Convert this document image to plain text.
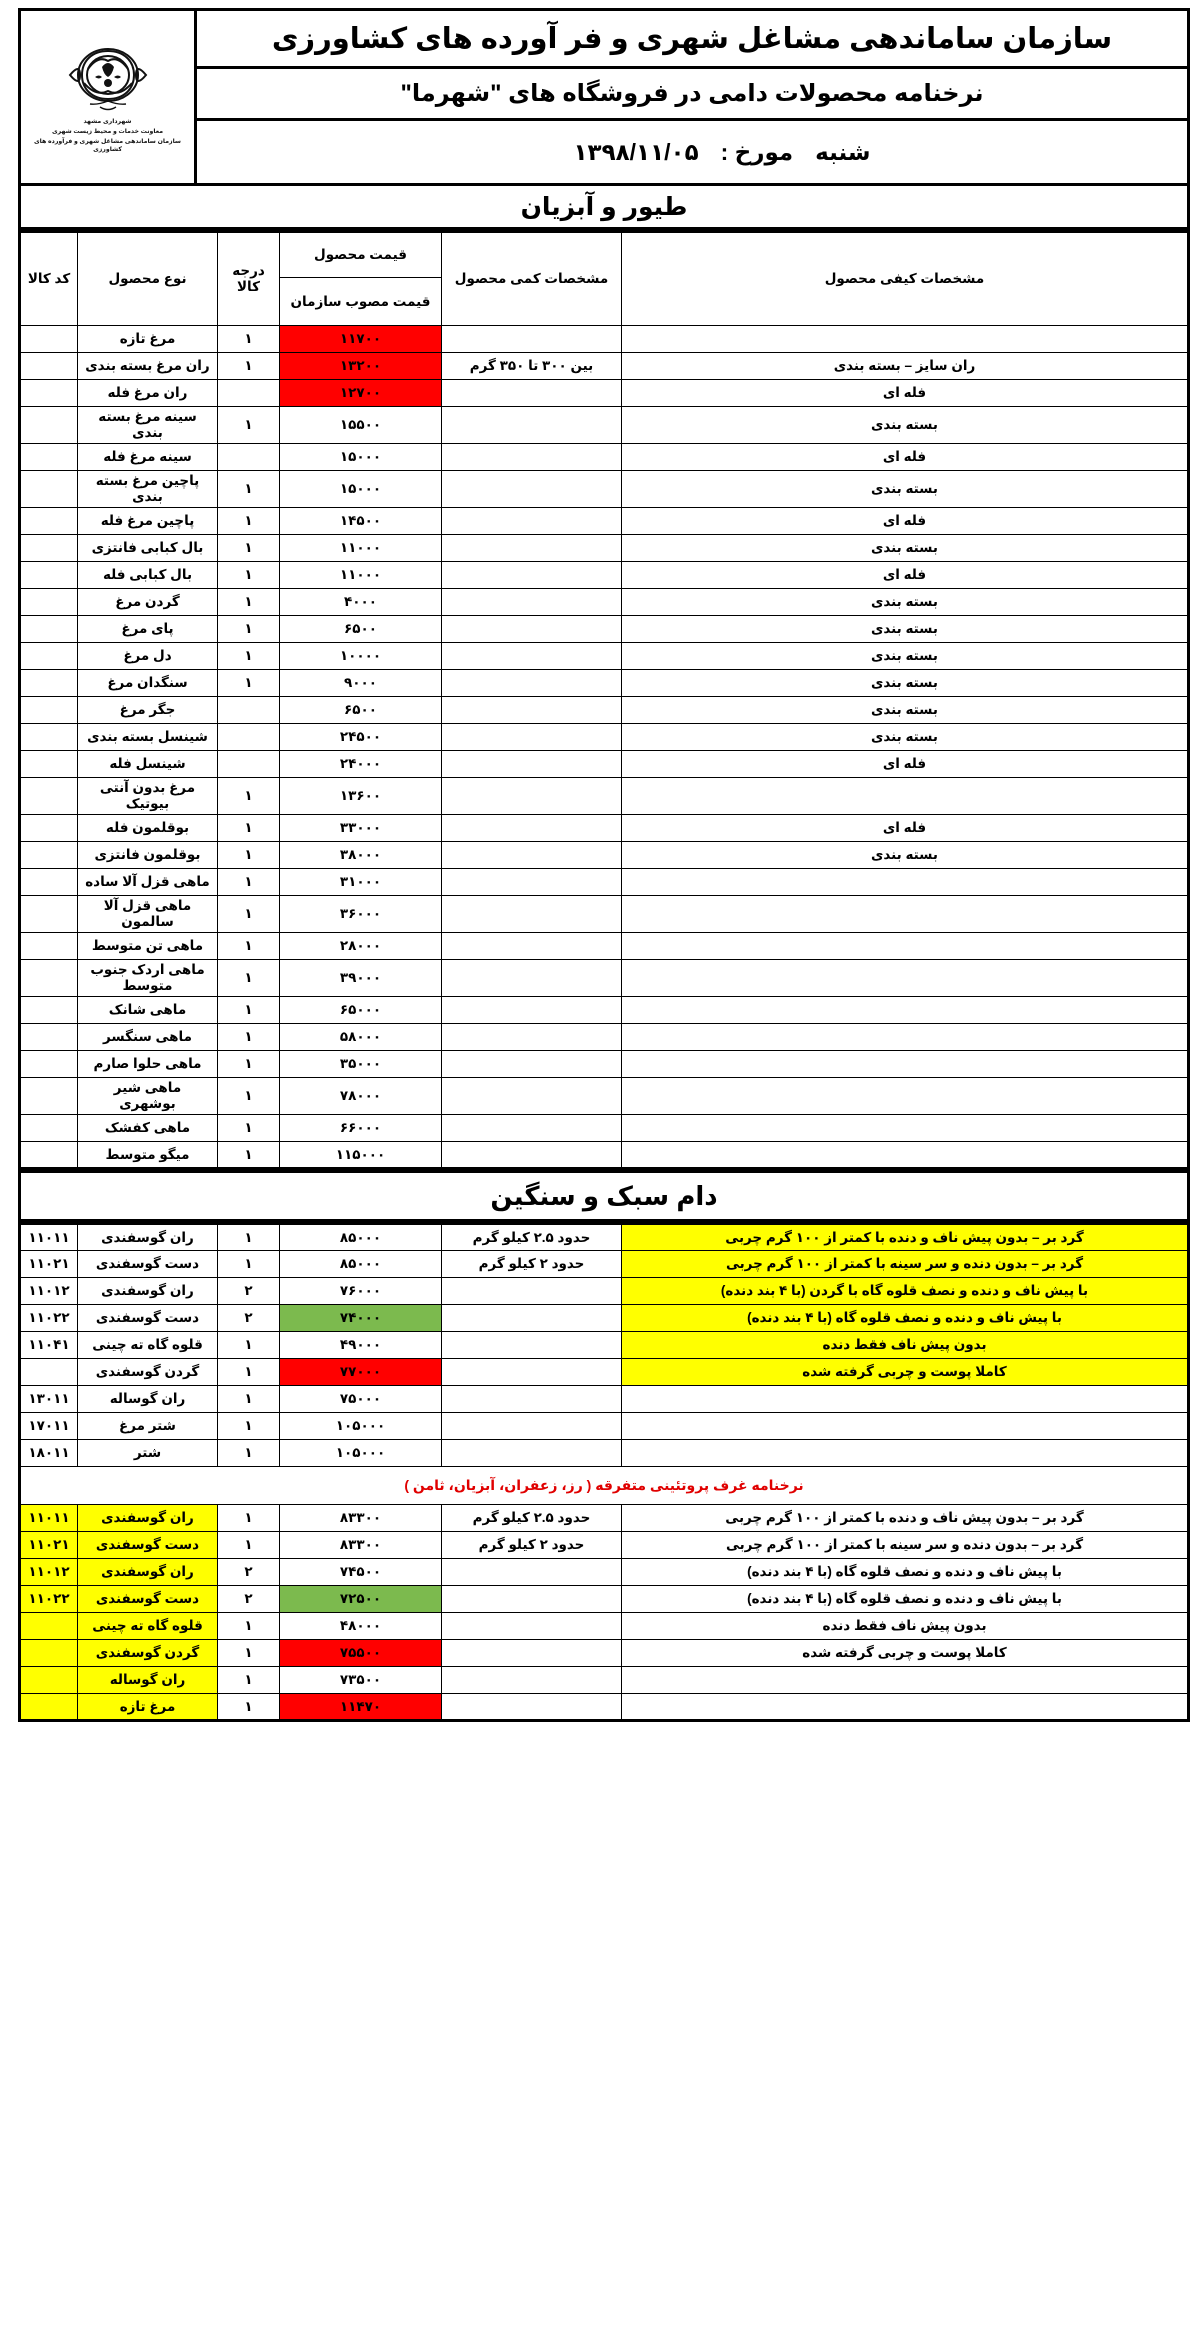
سازمان ساماندهی مشاغل شهری و فر آورده های کشاورزی
نرخنامه محصولات دامی در فروشگاه های "شهرما"
شنبه
مورخ :
۱۳۹۸/۱۱/۰۵
شهرداری مشهد
معاونت خدمات و محیط زیست شهری
سازمان ساماندهی مشاغل شهری و فرآورده های کشاورزی
طیور و آبزیان
مشخصات کیفی محصول	مشخصات کمی محصول	قیمت محصول	درجه کالا	نوع محصول	کد کالا
		قیمت مصوب سازمان			
		۱۱۷۰۰	۱	مرغ تازه	
ران سایز – بسته بندی	بین ۳۰۰ تا ۳۵۰ گرم	۱۳۲۰۰	۱	ران مرغ بسته بندی	
فله ای		۱۲۷۰۰		ران مرغ فله	
بسته بندی		۱۵۵۰۰	۱	سینه مرغ بسته بندی	
فله ای		۱۵۰۰۰		سینه مرغ فله	
بسته بندی		۱۵۰۰۰	۱	پاچین مرغ بسته بندی	
فله ای		۱۴۵۰۰	۱	پاچین مرغ فله	
بسته بندی		۱۱۰۰۰	۱	بال کبابی فانتزی	
فله ای		۱۱۰۰۰	۱	بال کبابی فله	
بسته بندی		۴۰۰۰	۱	گردن مرغ	
بسته بندی		۶۵۰۰	۱	پای مرغ	
بسته بندی		۱۰۰۰۰	۱	دل مرغ	
بسته بندی		۹۰۰۰	۱	سنگدان مرغ	
بسته بندی		۶۵۰۰		جگر مرغ	
بسته بندی		۲۴۵۰۰		شینسل بسته بندی	
فله ای		۲۴۰۰۰		شینسل فله	
		۱۳۶۰۰	۱	مرغ بدون آنتی بیوتیک	
فله ای		۳۳۰۰۰	۱	بوقلمون فله	
بسته بندی		۳۸۰۰۰	۱	بوقلمون فانتزی	
		۳۱۰۰۰	۱	ماهی قزل آلا ساده	
		۳۶۰۰۰	۱	ماهی قزل آلا سالمون	
		۲۸۰۰۰	۱	ماهی تن متوسط	
		۳۹۰۰۰	۱	ماهی اردک جنوب متوسط	
		۶۵۰۰۰	۱	ماهی شانک	
		۵۸۰۰۰	۱	ماهی سنگسر	
		۳۵۰۰۰	۱	ماهی حلوا صارم	
		۷۸۰۰۰	۱	ماهی شیر بوشهری	
		۶۶۰۰۰	۱	ماهی کفشک	
		۱۱۵۰۰۰	۱	میگو متوسط	
دام سبک و سنگین
گرد بر – بدون پیش ناف و دنده با کمتر از ۱۰۰ گرم چربی	حدود ۲.۵ کیلو گرم	۸۵۰۰۰	۱	ران گوسفندی	۱۱۰۱۱
گرد بر – بدون دنده و سر سینه با کمتر از ۱۰۰ گرم چربی	حدود ۲ کیلو گرم	۸۵۰۰۰	۱	دست گوسفندی	۱۱۰۲۱
با پیش ناف و دنده و نصف قلوه گاه با گردن (با ۴ بند دنده)		۷۶۰۰۰	۲	ران گوسفندی	۱۱۰۱۲
با پیش ناف و دنده و نصف قلوه گاه (با ۴ بند دنده)		۷۴۰۰۰	۲	دست گوسفندی	۱۱۰۲۲
بدون پیش ناف فقط دنده		۴۹۰۰۰	۱	قلوه گاه ته چینی	۱۱۰۴۱
کاملا پوست و چربی گرفته شده		۷۷۰۰۰	۱	گردن گوسفندی	
		۷۵۰۰۰	۱	ران گوساله	۱۳۰۱۱
		۱۰۵۰۰۰	۱	شتر مرغ	۱۷۰۱۱
		۱۰۵۰۰۰	۱	شتر	۱۸۰۱۱
نرخنامه غرف پروتئینی متفرقه ( رز، زعفران، آبزیان، ثامن )					
گرد بر – بدون پیش ناف و دنده با کمتر از ۱۰۰ گرم چربی	حدود ۲.۵ کیلو گرم	۸۳۳۰۰	۱	ران گوسفندی	۱۱۰۱۱
گرد بر – بدون دنده و سر سینه با کمتر از ۱۰۰ گرم چربی	حدود ۲ کیلو گرم	۸۳۳۰۰	۱	دست گوسفندی	۱۱۰۲۱
با پیش ناف و دنده و نصف قلوه گاه (با ۴ بند دنده)		۷۴۵۰۰	۲	ران گوسفندی	۱۱۰۱۲
با پیش ناف و دنده و نصف قلوه گاه (با ۴ بند دنده)		۷۲۵۰۰	۲	دست گوسفندی	۱۱۰۲۲
بدون پیش ناف فقط دنده		۴۸۰۰۰	۱	قلوه گاه ته چینی	
کاملا پوست و چربی گرفته شده		۷۵۵۰۰	۱	گردن گوسفندی	
		۷۳۵۰۰	۱	ران گوساله	
		۱۱۴۷۰	۱	مرغ تازه	
